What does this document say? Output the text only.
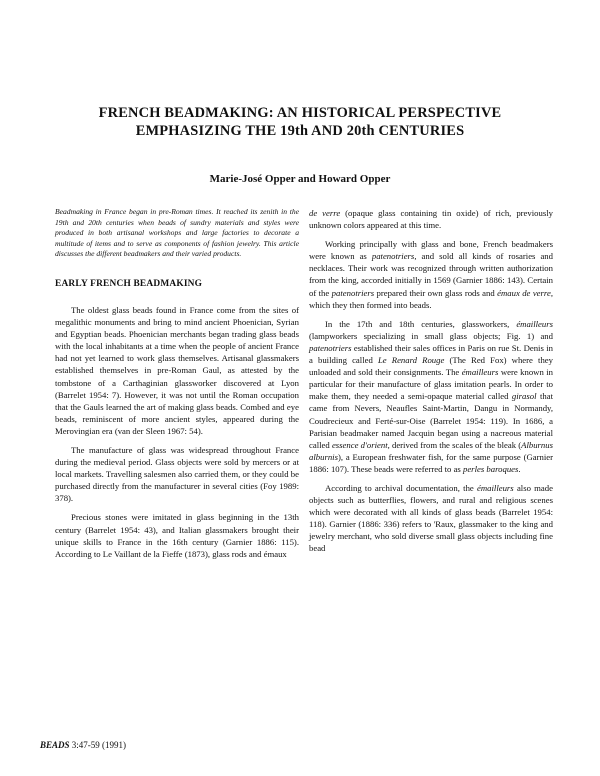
FRENCH BEADMAKING: AN HISTORICAL PERSPECTIVE
EMPHASIZING THE 19th AND 20th CENTURIES
Marie-José Opper and Howard Opper

Beadmaking in France began in pre-Roman times. It reached its zenith in the 19th and 20th centuries when beads of sundry materials and styles were produced in both artisanal workshops and large factories to decorate a multitude of items and to serve as components of fashion jewelry. This article discusses the different beadmakers and their varied products.

EARLY FRENCH BEADMAKING

The oldest glass beads found in France come from the sites of megalithic monuments and bring to mind ancient Phoenician, Syrian and Egyptian beads. Phoenician merchants began trading glass beads with the local inhabitants at a time when the people of ancient France had not yet learned to work glass themselves. Artisanal glassmakers established themselves in pre-Roman Gaul, as attested by the tombstone of a Carthaginian glassworker discovered at Lyon (Barrelet 1954: 7). However, it was not until the Roman occupation that the Gauls learned the art of making glass beads. Combed and eye beads, reminiscent of more ancient styles, appeared during the Merovingian era (van der Sleen 1967: 54).

The manufacture of glass was widespread throughout France during the medieval period. Glass objects were sold by mercers or at local markets. Travelling salesmen also carried them, or they could be purchased directly from the manufacturer in several cities (Foy 1989: 378).

Precious stones were imitated in glass beginning in the 13th century (Barrelet 1954: 43), and Italian glassmakers brought their unique skills to France in the 16th century (Garnier 1886: 115). According to Le Vaillant de la Fieffe (1873), glass rods and émaux

de verre (opaque glass containing tin oxide) of rich, previously unknown colors appeared at this time.

Working principally with glass and bone, French beadmakers were known as patenotriers, and sold all kinds of rosaries and necklaces. Their work was recognized through written authorization from the king, accorded initially in 1569 (Garnier 1886: 143). Certain of the patenotriers prepared their own glass rods and émaux de verre, which they then formed into beads.

In the 17th and 18th centuries, glassworkers, émailleurs (lampworkers specializing in small glass objects; Fig. 1) and patenotriers established their sales offices in Paris on rue St. Denis in a building called Le Renard Rouge (The Red Fox) where they unloaded and sold their consignments. The émailleurs were known in particular for their manufacture of glass imitation pearls. In order to make them, they needed a semi-opaque material called girasol that came from Nevers, Neaufles Saint-Martin, Dangu in Normandy, Coudrecieux and Ferté-sur-Oise (Barrelet 1954: 119). In 1686, a Parisian beadmaker named Jacquin began using a nacreous material called essence d'orient, derived from the scales of the bleak (Alburnus alburnis), a European freshwater fish, for the same purpose (Garnier 1886: 107). These beads were referred to as perles baroques.

According to archival documentation, the émailleurs also made objects such as butterflies, flowers, and rural and religious scenes which were decorated with all kinds of glass beads (Barrelet 1954: 118). Garnier (1886: 336) refers to 'Raux, glassmaker to the king and jewelry merchant, who sold diverse small glass objects including fine bead

BEADS 3:47-59 (1991)
